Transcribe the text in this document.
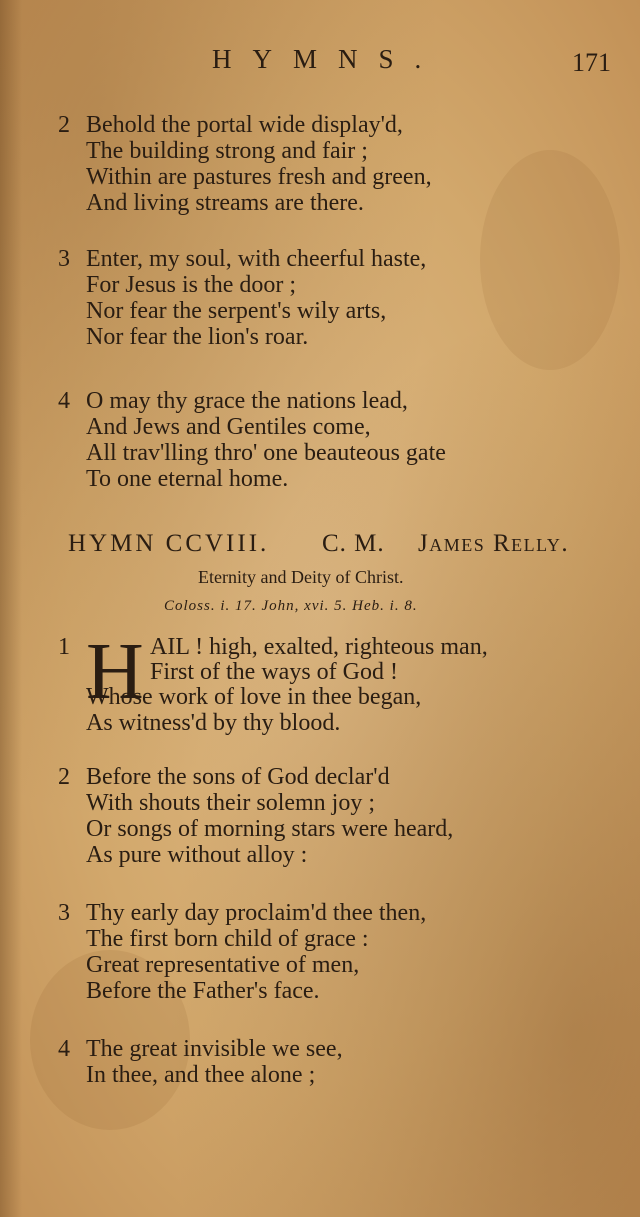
HYMNS.	171
2 Behold the portal wide display'd,
The building strong and fair ;
Within are pastures fresh and green,
And living streams are there.
3 Enter, my soul, with cheerful haste,
For Jesus is the door ;
Nor fear the serpent's wily arts,
Nor fear the lion's roar.
4 O may thy grace the nations lead,
And Jews and Gentiles come,
All trav'lling thro' one beauteous gate
To one eternal home.
HYMN CCVIII. C. M. James Relly.
Eternity and Deity of Christ.
Coloss. i. 17. John, xvi. 5. Heb. i. 8.
1 H AIL ! high, exalted, righteous man,
First of the ways of God !
Whose work of love in thee began,
As witness'd by thy blood.
2 Before the sons of God declar'd
With shouts their solemn joy ;
Or songs of morning stars were heard,
As pure without alloy :
3 Thy early day proclaim'd thee then,
The first born child of grace :
Great representative of men,
Before the Father's face.
4 The great invisible we see,
In thee, and thee alone ;
